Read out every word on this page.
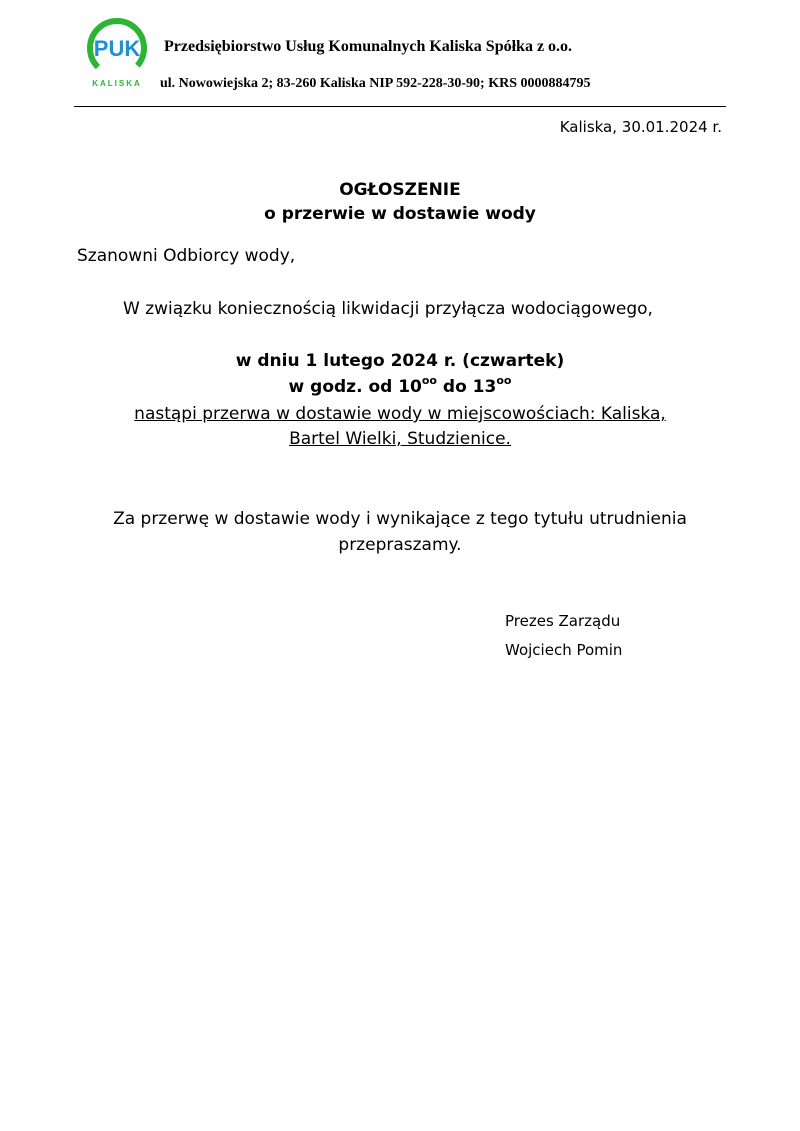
PUK
KALISKA
Przedsiębiorstwo Usług Komunalnych Kaliska Spółka z o.o.
ul. Nowowiejska 2; 83-260 Kaliska NIP 592-228-30-90; KRS 0000884795
Kaliska, 30.01.2024 r.
OGŁOSZENIE
o przerwie w dostawie wody
Szanowni Odbiorcy wody,
W związku koniecznością likwidacji przyłącza wodociągowego,
w dniu 1 lutego 2024 r. (czwartek)
w godz. od $10^{oo}$ do $13^{oo}$
nastąpi przerwa w dostawie wody w miejscowościach: Kaliska,
Bartel Wielki, Studzienice.
Za przerwę w dostawie wody i wynikające z tego tytułu utrudnienia
przepraszamy.
Prezes Zarządu
Wojciech Pomin
